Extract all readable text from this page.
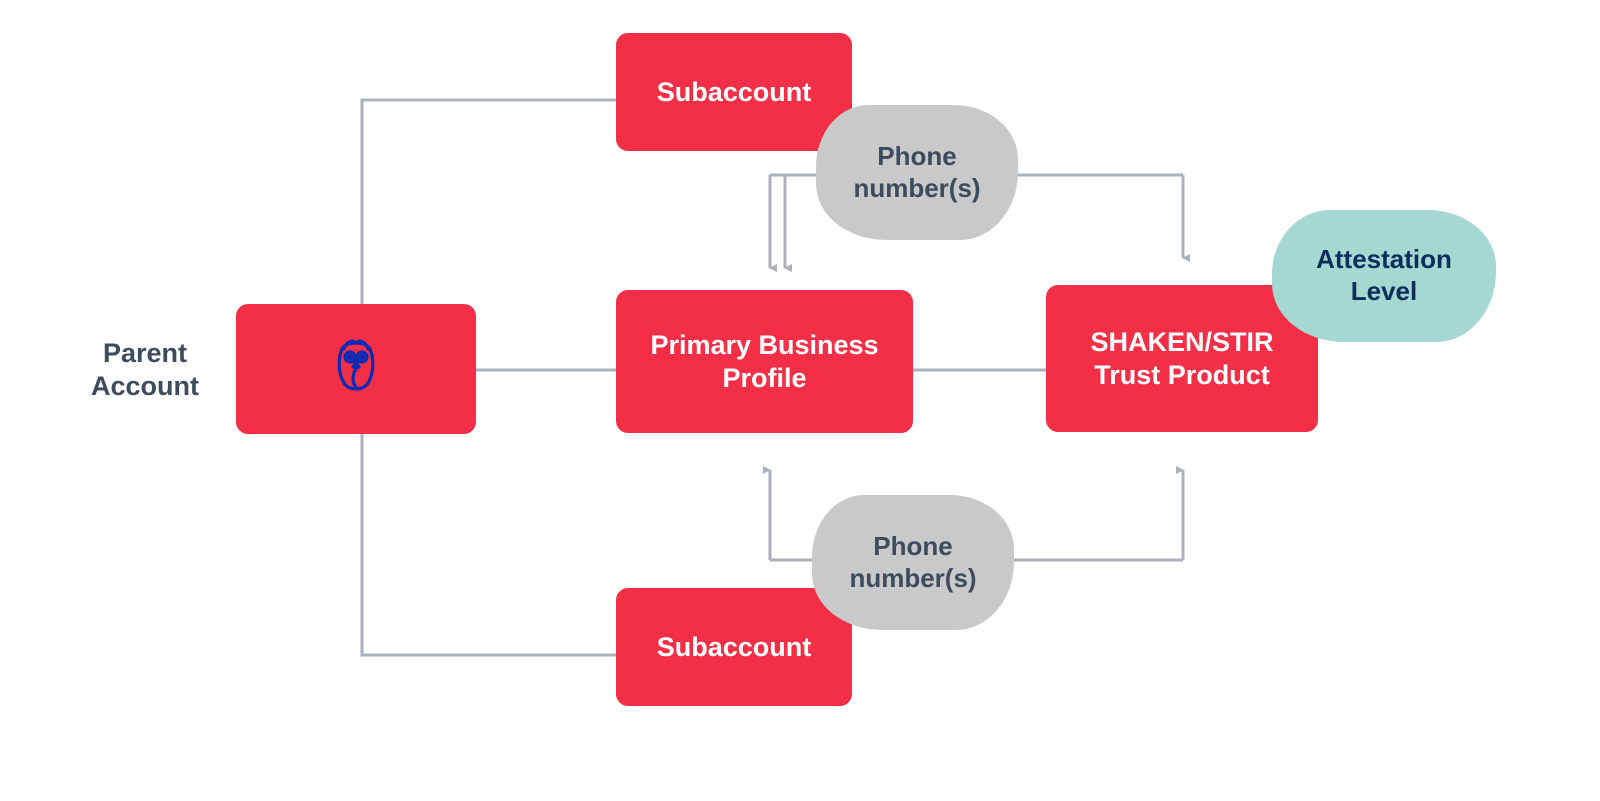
Parent
Account
Subaccount
Subaccount
Phone
number(s)
Phone
number(s)
Primary Business
Profile
SHAKEN/STIR
Trust Product
Attestation
Level
